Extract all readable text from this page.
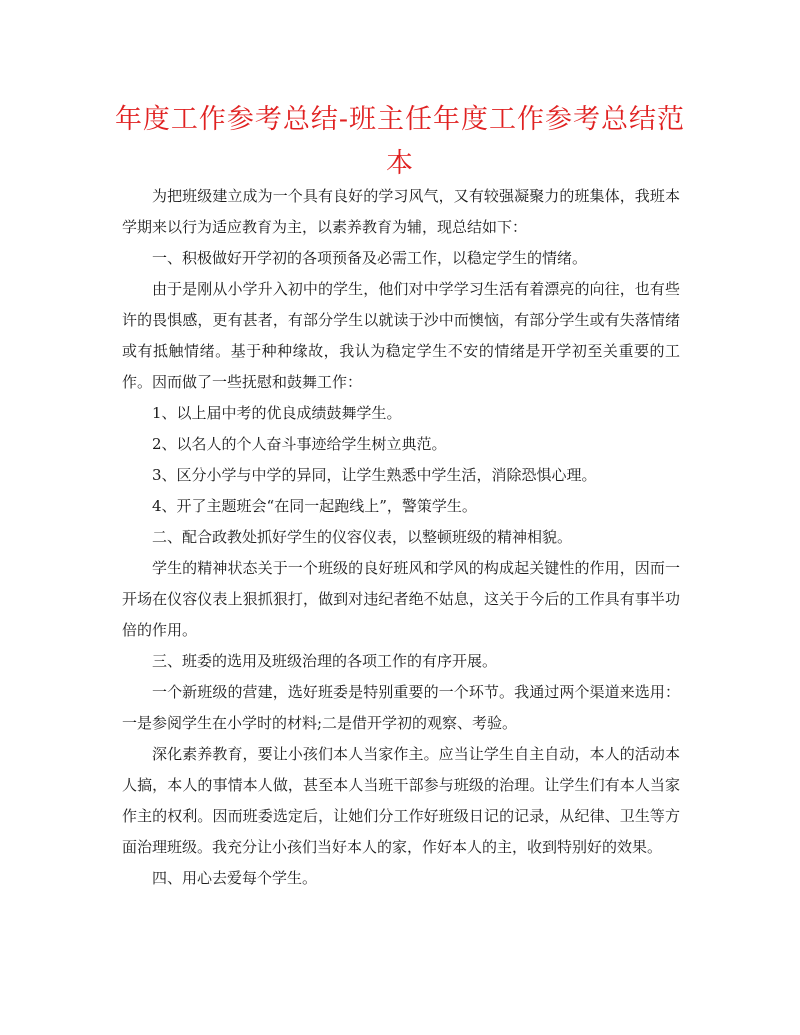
年度工作参考总结-班主任年度工作参考总结范本

为把班级建立成为一个具有良好的学习风气，又有较强凝聚力的班集体，我班本学期来以行为适应教育为主，以素养教育为辅，现总结如下：

一、积极做好开学初的各项预备及必需工作，以稳定学生的情绪。

由于是刚从小学升入初中的学生，他们对中学学习生活有着漂亮的向往，也有些许的畏惧感，更有甚者，有部分学生以就读于沙中而懊恼，有部分学生或有失落情绪或有抵触情绪。基于种种缘故，我认为稳定学生不安的情绪是开学初至关重要的工作。因而做了一些抚慰和鼓舞工作：

1、以上届中考的优良成绩鼓舞学生。

2、以名人的个人奋斗事迹给学生树立典范。

3、区分小学与中学的异同，让学生熟悉中学生活，消除恐惧心理。

4、开了主题班会“在同一起跑线上”，警策学生。

二、配合政教处抓好学生的仪容仪表，以整顿班级的精神相貌。

学生的精神状态关于一个班级的良好班风和学风的构成起关键性的作用，因而一开场在仪容仪表上狠抓狠打，做到对违纪者绝不姑息，这关于今后的工作具有事半功倍的作用。

三、班委的选用及班级治理的各项工作的有序开展。

一个新班级的营建，选好班委是特别重要的一个环节。我通过两个渠道来选用：一是参阅学生在小学时的材料;二是借开学初的观察、考验。

深化素养教育，要让小孩们本人当家作主。应当让学生自主自动，本人的活动本人搞，本人的事情本人做，甚至本人当班干部参与班级的治理。让学生们有本人当家作主的权利。因而班委选定后，让她们分工作好班级日记的记录，从纪律、卫生等方面治理班级。我充分让小孩们当好本人的家，作好本人的主，收到特别好的效果。

四、用心去爱每个学生。
